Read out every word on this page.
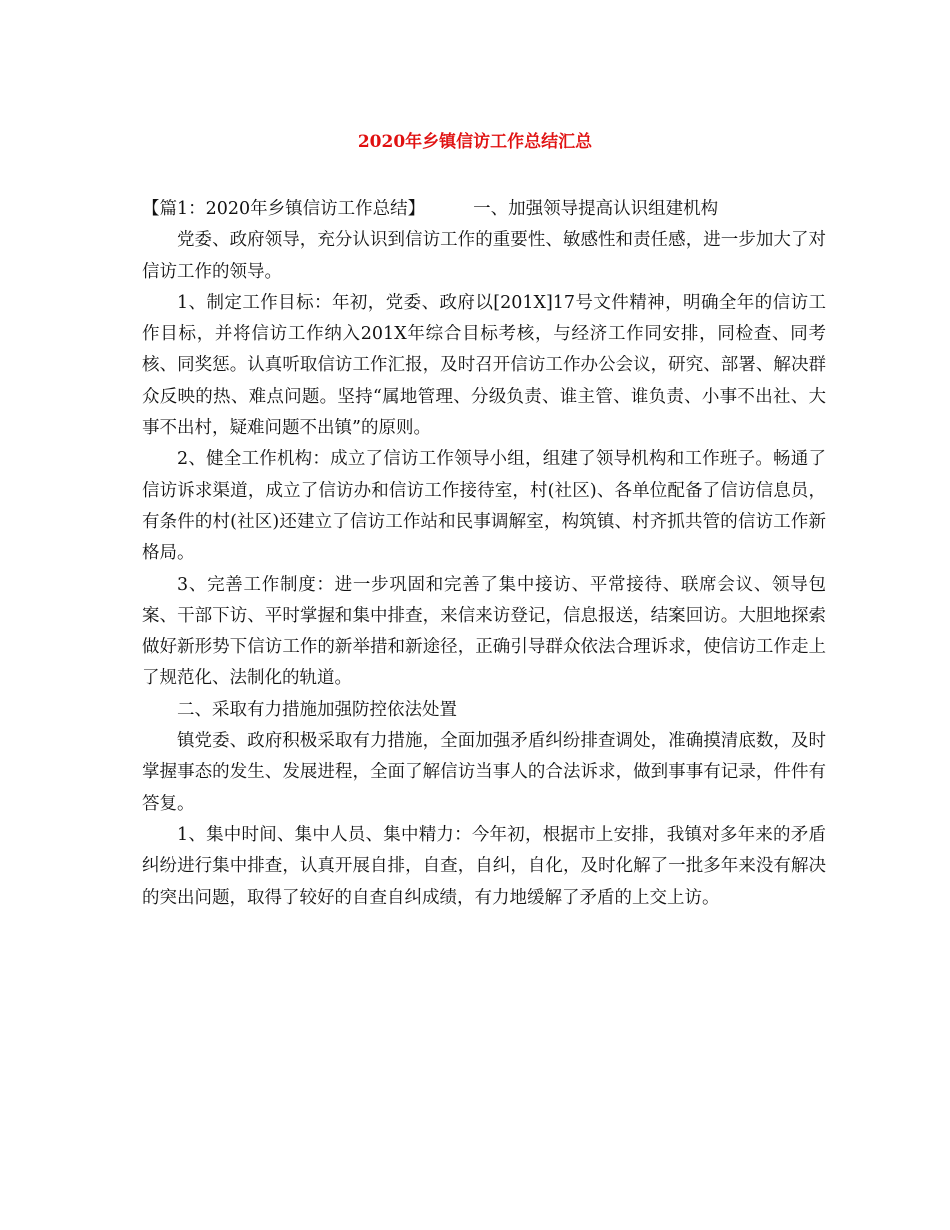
2020年乡镇信访工作总结汇总

【篇1：2020年乡镇信访工作总结】	一、加强领导提高认识组建机构

党委、政府领导，充分认识到信访工作的重要性、敏感性和责任感，进一步加大了对信访工作的领导。

1、制定工作目标：年初，党委、政府以[201X]17号文件精神，明确全年的信访工作目标，并将信访工作纳入201X年综合目标考核，与经济工作同安排，同检查、同考核、同奖惩。认真听取信访工作汇报，及时召开信访工作办公会议，研究、部署、解决群众反映的热、难点问题。坚持“属地管理、分级负责、谁主管、谁负责、小事不出社、大事不出村，疑难问题不出镇”的原则。

2、健全工作机构：成立了信访工作领导小组，组建了领导机构和工作班子。畅通了信访诉求渠道，成立了信访办和信访工作接待室，村(社区)、各单位配备了信访信息员，有条件的村(社区)还建立了信访工作站和民事调解室，构筑镇、村齐抓共管的信访工作新格局。

3、完善工作制度：进一步巩固和完善了集中接访、平常接待、联席会议、领导包案、干部下访、平时掌握和集中排查，来信来访登记，信息报送，结案回访。大胆地探索做好新形势下信访工作的新举措和新途径，正确引导群众依法合理诉求，使信访工作走上了规范化、法制化的轨道。

二、采取有力措施加强防控依法处置

镇党委、政府积极采取有力措施，全面加强矛盾纠纷排查调处，准确摸清底数，及时掌握事态的发生、发展进程，全面了解信访当事人的合法诉求，做到事事有记录，件件有答复。

1、集中时间、集中人员、集中精力：今年初，根据市上安排，我镇对多年来的矛盾纠纷进行集中排查，认真开展自排，自查，自纠，自化，及时化解了一批多年来没有解决的突出问题，取得了较好的自查自纠成绩，有力地缓解了矛盾的上交上访。
